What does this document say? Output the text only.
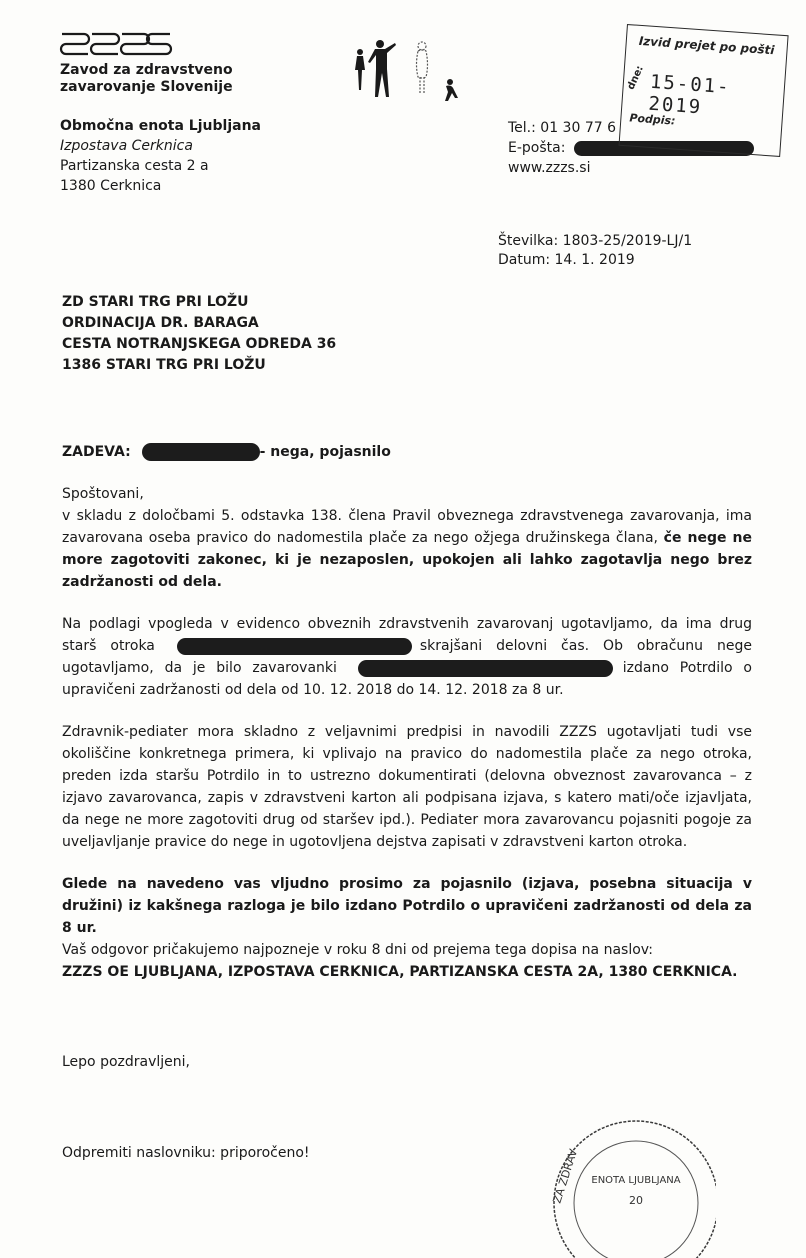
Zavod za zdravstveno
zavarovanje Slovenije
Območna enota Ljubljana
Izpostava Cerknica
Partizanska cesta 2 a
1380 Cerknica
Tel.: 01 30 77 6
E-pošta:
www.zzzs.si
Izvid prejet po pošti
dne: 15-01- 2019
Podpis:
Številka: 1803-25/2019-LJ/1
Datum: 14. 1. 2019
ZD STARI TRG PRI LOŽU
ORDINACIJA DR. BARAGA
CESTA NOTRANJSKEGA ODREDA 36
1386 STARI TRG PRI LOŽU
ZADEVA:	- nega, pojasnilo

Spoštovani,

v skladu z določbami 5. odstavka 138. člena Pravil obveznega zdravstvenega zavarovanja, ima zavarovana oseba pravico do nadomestila plače za nego ožjega družinskega člana, če nege ne more zagotoviti zakonec, ki je nezaposlen, upokojen ali lahko zagotavlja nego brez zadržanosti od dela.

Na podlagi vpogleda v evidenco obveznih zdravstvenih zavarovanj ugotavljamo, da ima drug starš otroka	skrajšani delovni čas. Ob obračunu nege ugotavljamo, da je bilo zavarovanki	izdano Potrdilo o upravičeni zadržanosti od dela od 10. 12. 2018 do 14. 12. 2018 za 8 ur.

Zdravnik-pediater mora skladno z veljavnimi predpisi in navodili ZZZS ugotavljati tudi vse okoliščine konkretnega primera, ki vplivajo na pravico do nadomestila plače za nego otroka, preden izda staršu Potrdilo in to ustrezno dokumentirati (delovna obveznost zavarovanca – z izjavo zavarovanca, zapis v zdravstveni karton ali podpisana izjava, s katero mati/oče izjavljata, da nege ne more zagotoviti drug od staršev ipd.). Pediater mora zavarovancu pojasniti pogoje za uveljavljanje pravice do nege in ugotovljena dejstva zapisati v zdravstveni karton otroka.

Glede na navedeno vas vljudno prosimo za pojasnilo (izjava, posebna situacija v družini) iz kakšnega razloga je bilo izdano Potrdilo o upravičeni zadržanosti od dela za 8 ur.

Vaš odgovor pričakujemo najpozneje v roku 8 dni od prejema tega dopisa na naslov:

ZZZS OE LJUBLJANA, IZPOSTAVA CERKNICA, PARTIZANSKA CESTA 2A, 1380 CERKNICA.

Lepo pozdravljeni,
Odpremiti naslovniku: priporočeno!	ZA ZDRAV ENOTA LJUBLJANA
20
